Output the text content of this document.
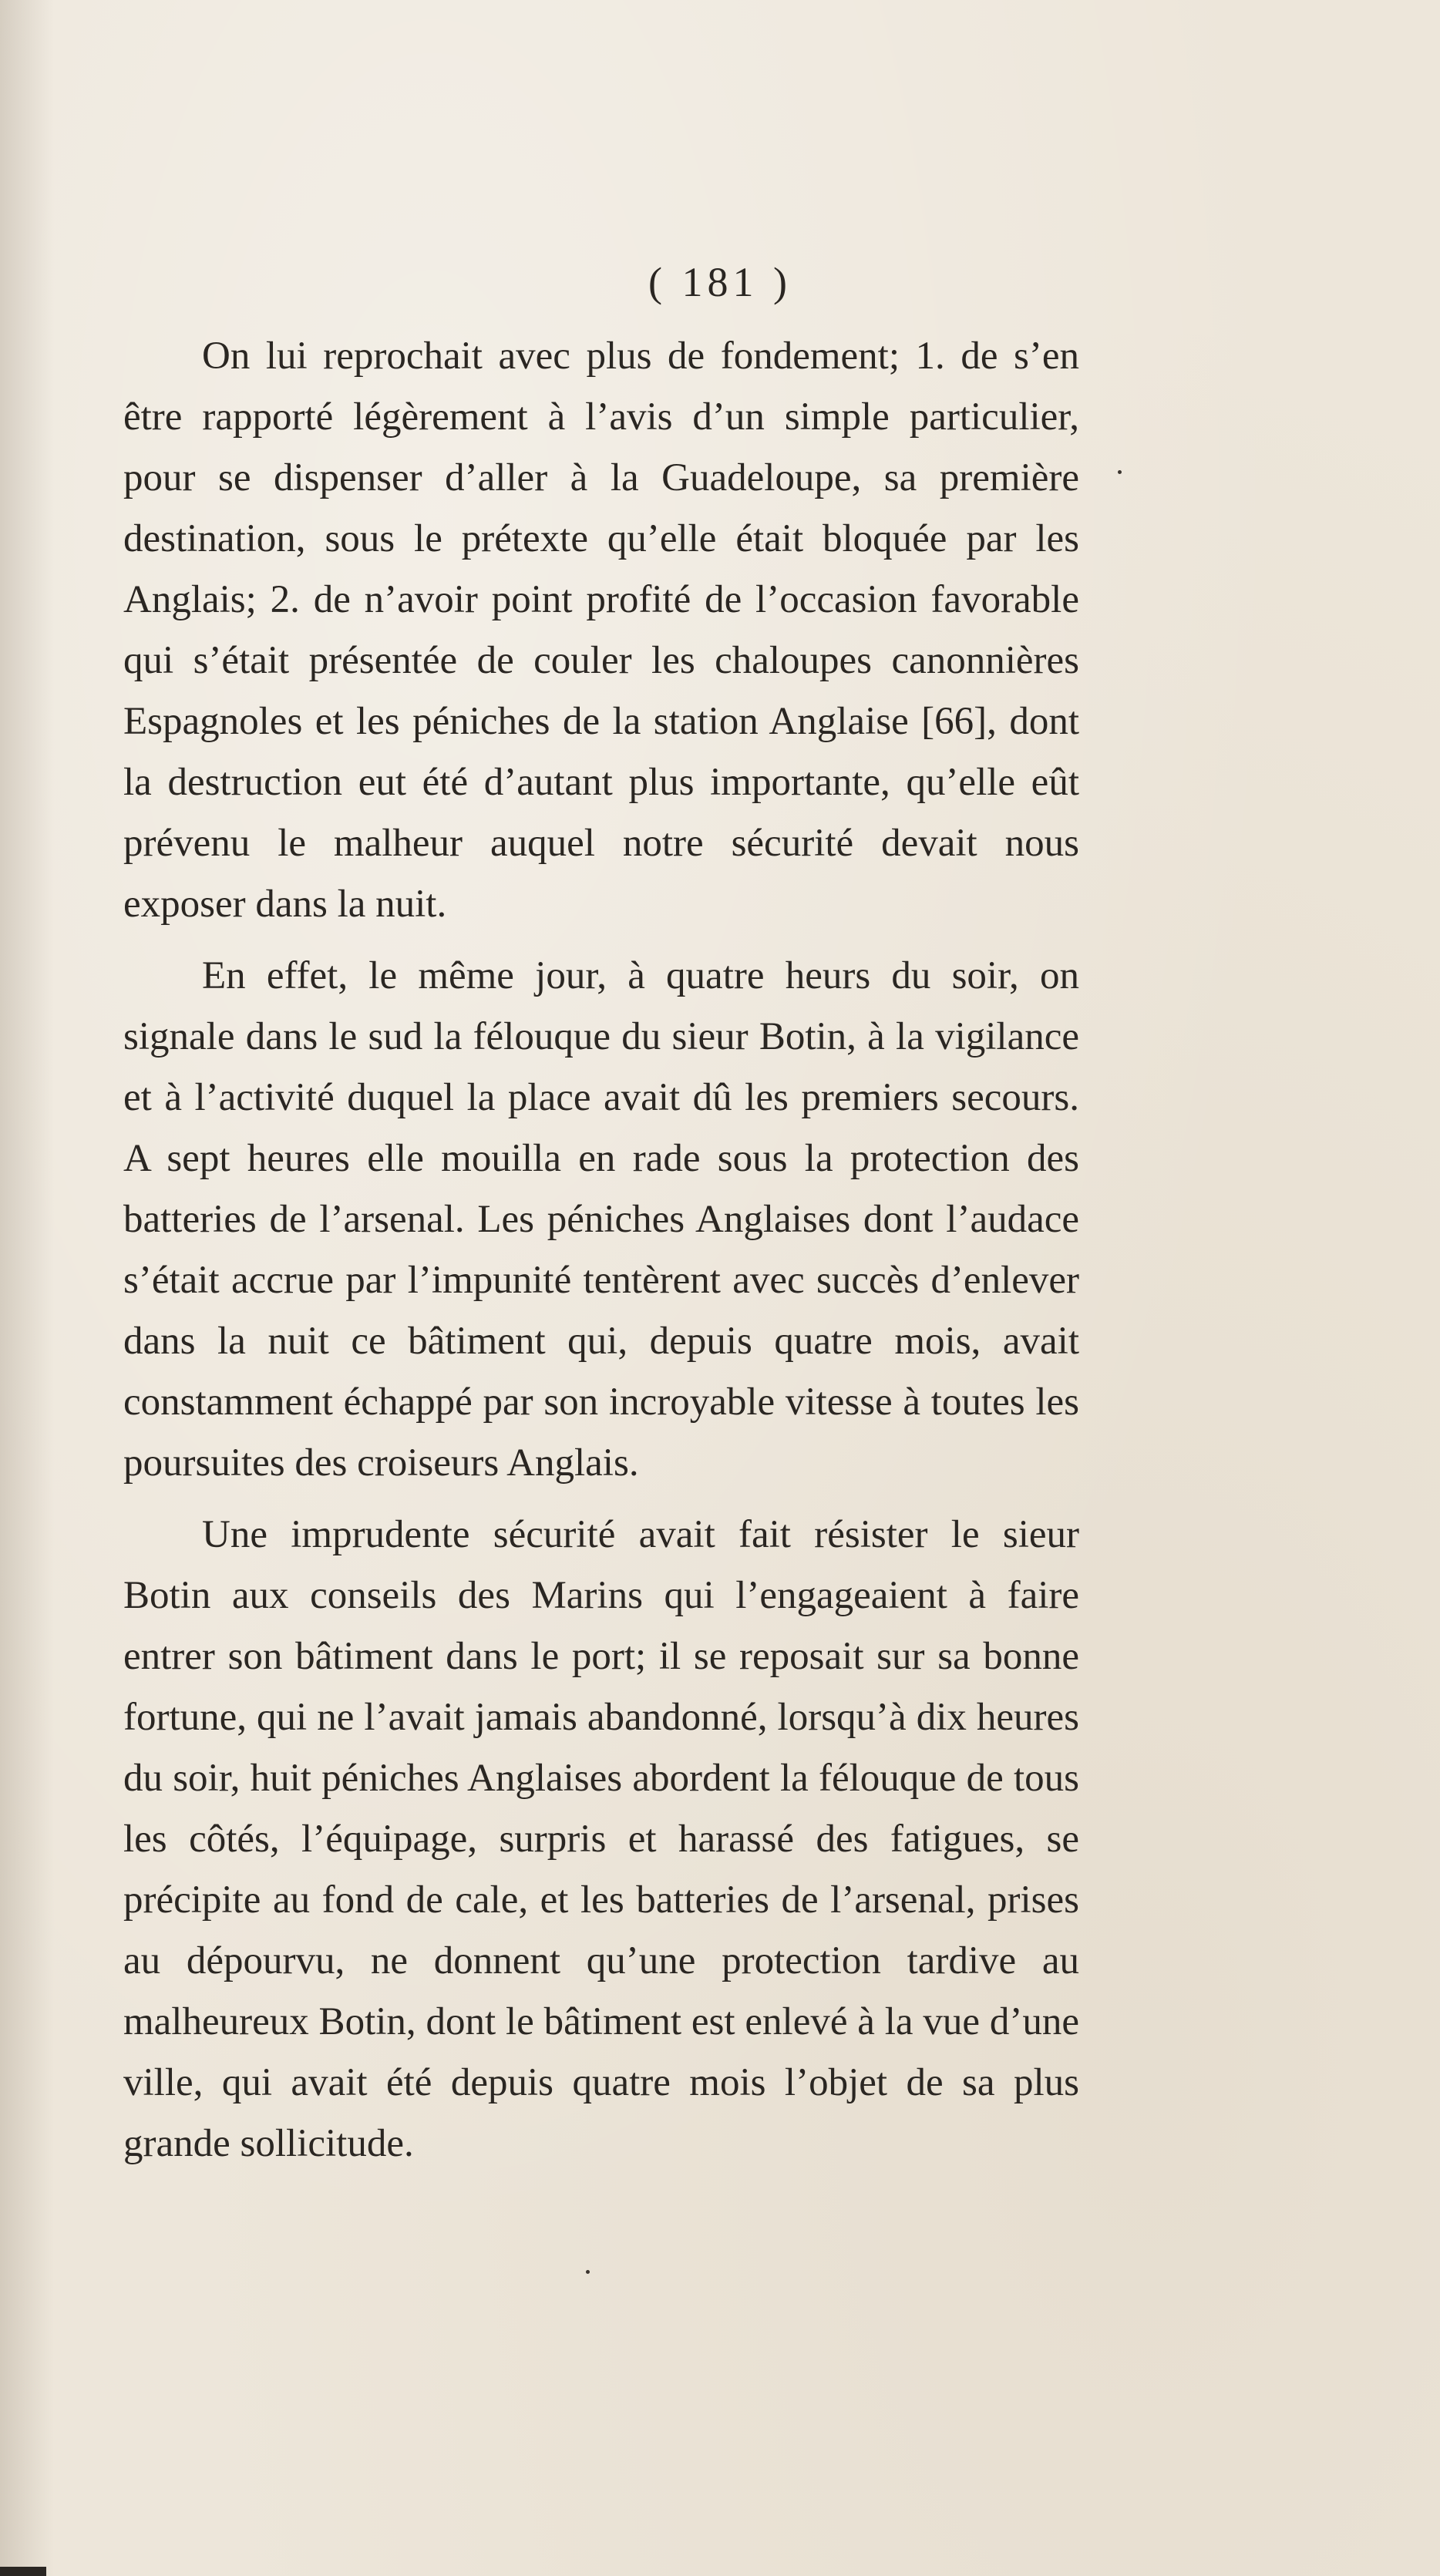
( 181 )

On lui reprochait avec plus de fondement; 1. de s’en être rapporté légèrement à l’avis d’un simple particulier, pour se dispenser d’aller à la Guadeloupe, sa première destination, sous le prétexte qu’elle était bloquée par les Anglais; 2. de n’avoir point profité de l’occasion favorable qui s’était présentée de couler les chaloupes canonnières Espagnoles et les péniches de la station Anglaise [66], dont la destruction eut été d’autant plus importante, qu’elle eût prévenu le malheur auquel notre sécurité devait nous exposer dans la nuit.

En effet, le même jour, à quatre heurs du soir, on signale dans le sud la félouque du sieur Botin, à la vigilance et à l’activité duquel la place avait dû les premiers secours. A sept heures elle mouilla en rade sous la protection des batteries de l’arsenal. Les péniches Anglaises dont l’audace s’était accrue par l’impunité tentèrent avec succès d’enlever dans la nuit ce bâtiment qui, depuis quatre mois, avait constamment échappé par son incroyable vitesse à toutes les poursuites des croiseurs Anglais.

Une imprudente sécurité avait fait résister le sieur Botin aux conseils des Marins qui l’engageaient à faire entrer son bâtiment dans le port; il se reposait sur sa bonne fortune, qui ne l’avait jamais abandonné, lorsqu’à dix heures du soir, huit péniches Anglaises abordent la félouque de tous les côtés, l’équipage, surpris et harassé des fatigues, se précipite au fond de cale, et les batteries de l’arsenal, prises au dépourvu, ne donnent qu’une protection tardive au malheureux Botin, dont le bâtiment est enlevé à la vue d’une ville, qui avait été depuis quatre mois l’objet de sa plus grande sollicitude.
